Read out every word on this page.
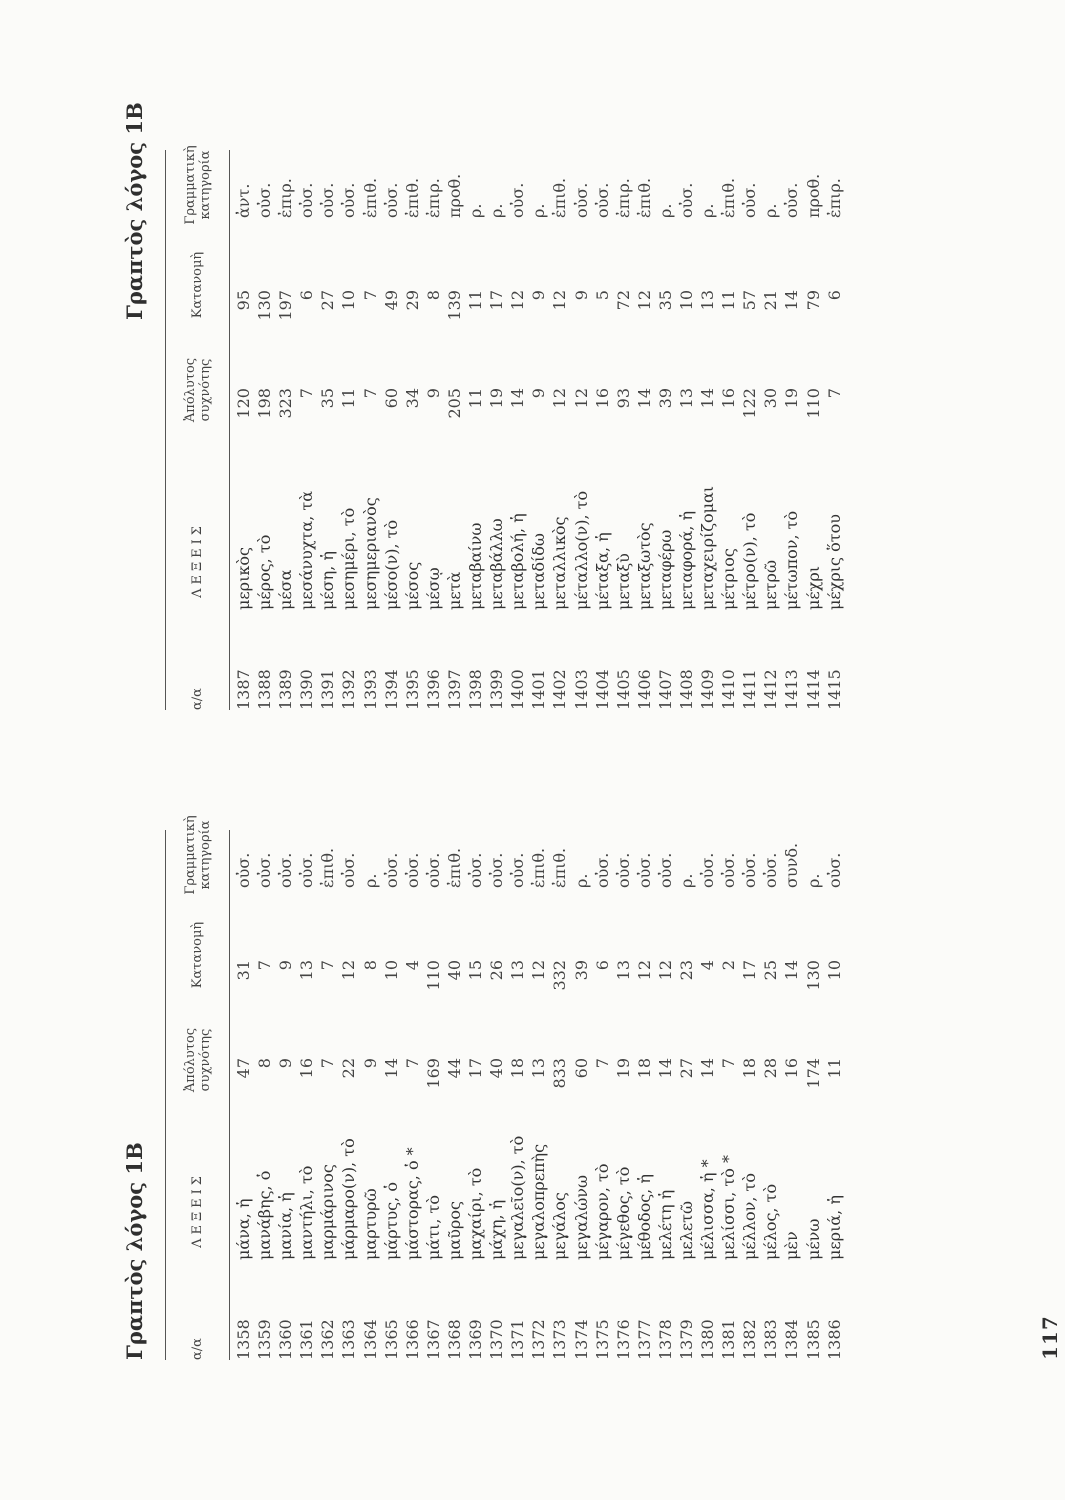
Γραπτὸς λόγος 1Β
Γραπτὸς λόγος 1Β
α/α
ΛΕΞΕΙΣ
Ἀπόλυτος συχνότης
Κατανομὴ
Γραμματικὴ κατηγορία
1358
μάνα, ἡ
47
31
οὐσ.
1359
μανάβης, ὁ
8
7
οὐσ.
1360
μανία, ἡ
9
9
οὐσ.
1361
μαντήλι, τὸ
16
13
οὐσ.
1362
μαρμάρινος
7
7
ἐπιθ.
1363
μάρμαρο(ν), τὸ
22
12
οὐσ.
1364
μαρτυρῶ
9
8
ρ.
1365
μάρτυς, ὁ
14
10
οὐσ.
1366
μάστορας, ὁ *
7
4
οὐσ.
1367
μάτι, τὸ
169
110
οὐσ.
1368
μαῦρος
44
40
ἐπιθ.
1369
μαχαίρι, τὸ
17
15
οὐσ.
1370
μάχη, ἡ
40
26
οὐσ.
1371
μεγαλεῖο(ν), τὸ
18
13
οὐσ.
1372
μεγαλοπρεπὴς
13
12
ἐπιθ.
1373
μεγάλος
833
332
ἐπιθ.
1374
μεγαλώνω
60
39
ρ.
1375
μέγαρον, τὸ
7
6
οὐσ.
1376
μέγεθος, τὸ
19
13
οὐσ.
1377
μέθοδος, ἡ
18
12
οὐσ.
1378
μελέτη ἡ
14
12
οὐσ.
1379
μελετῶ
27
23
ρ.
1380
μέλισσα, ἡ *
14
4
οὐσ.
1381
μελίσσι, τὸ *
7
2
οὐσ.
1382
μέλλον, τὸ
18
17
οὐσ.
1383
μέλος, τὸ
28
25
οὐσ.
1384
μὲν
16
14
συνδ.
1385
μένω
174
130
ρ.
1386
μεριά, ἡ
11
10
οὐσ.
α/α
ΛΕΞΕΙΣ
Ἀπόλυτος συχνότης
Κατανομὴ
Γραμματικὴ κατηγορία
1387
μερικὸς
120
95
ἀντ.
1388
μέρος, τὸ
198
130
οὐσ.
1389
μέσα
323
197
ἐπιρ.
1390
μεσάνυχτα, τὰ
7
6
οὐσ.
1391
μέση, ἡ
35
27
οὐσ.
1392
μεσημέρι, τὸ
11
10
οὐσ.
1393
μεσημεριανὸς
7
7
ἐπιθ.
1394
μέσο(ν), τὸ
60
49
οὐσ.
1395
μέσος
34
29
ἐπιθ.
1396
μέσῳ
9
8
ἐπιρ.
1397
μετὰ
205
139
προθ.
1398
μεταβαίνω
11
11
ρ.
1399
μεταβάλλω
19
17
ρ.
1400
μεταβολή, ἡ
14
12
οὐσ.
1401
μεταδίδω
9
9
ρ.
1402
μεταλλικὸς
12
12
ἐπιθ.
1403
μέταλλο(ν), τὸ
12
9
οὐσ.
1404
μέταξα, ἡ
16
5
οὐσ.
1405
μεταξὺ
93
72
ἐπιρ.
1406
μεταξωτὸς
14
12
ἐπιθ.
1407
μεταφέρω
39
35
ρ.
1408
μεταφορά, ἡ
13
10
οὐσ.
1409
μεταχειρίζομαι
14
13
ρ.
1410
μέτριος
16
11
ἐπιθ.
1411
μέτρο(ν), τὸ
122
57
οὐσ.
1412
μετρῶ
30
21
ρ.
1413
μέτωπον, τὸ
19
14
οὐσ.
1414
μέχρι
110
79
προθ.
1415
μέχρις ὅτου
7
6
ἐπιρ.
117
